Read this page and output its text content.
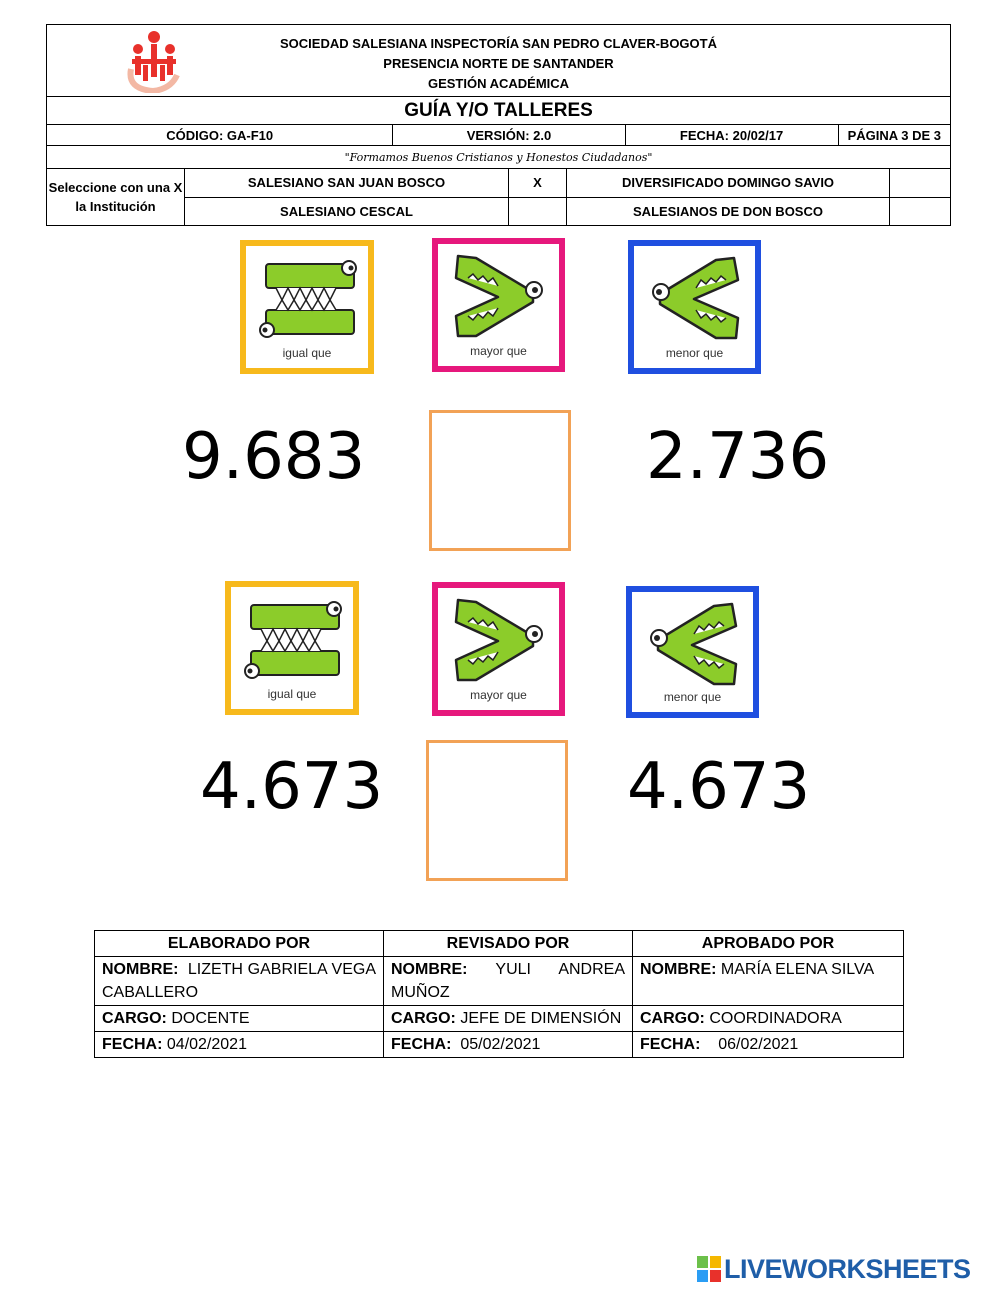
SOCIEDAD SALESIANA INSPECTORÍA SAN PEDRO CLAVER-BOGOTÁ
PRESENCIA NORTE DE SANTANDER
GESTIÓN ACADÉMICA

GUÍA Y/O TALLERES
CÓDIGO: GA-F10	VERSIÓN: 2.0	FECHA: 20/02/17	PÁGINA 3 DE 3
"Formamos Buenos Cristianos y Honestos Ciudadanos"
Seleccione con una X la Institución	SALESIANO SAN JUAN BOSCO	X	DIVERSIFICADO DOMINGO SAVIO	
	SALESIANO CESCAL		SALESIANOS DE DON BOSCO	
igual que	mayor que	menor que
9.683	2.736
igual que	mayor que	menor que
4.673	4.673
ELABORADO POR	REVISADO POR	APROBADO POR
NOMBRE: LIZETH GABRIELA VEGA CABALLERO	NOMBRE: YULI ANDREA MUÑOZ	NOMBRE: MARÍA ELENA SILVA
CARGO: DOCENTE	CARGO: JEFE DE DIMENSIÓN	CARGO: COORDINADORA
FECHA: 04/02/2021	FECHA: 05/02/2021	FECHA: 06/02/2021
LIVEWORKSHEETS
